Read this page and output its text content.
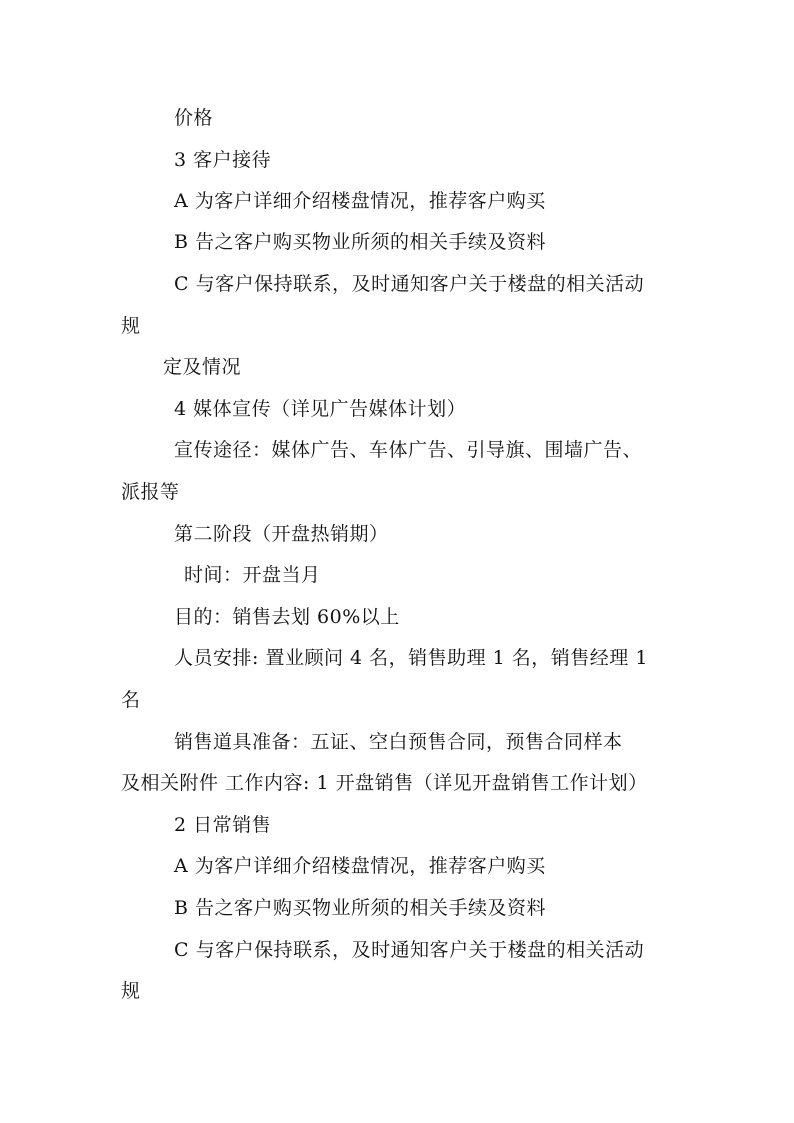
价格

3 客户接待

A 为客户详细介绍楼盘情况，推荐客户购买

B 告之客户购买物业所须的相关手续及资料

C 与客户保持联系，及时通知客户关于楼盘的相关活动

规

定及情况

4 媒体宣传（详见广告媒体计划）

宣传途径：媒体广告、车体广告、引导旗、围墙广告、

派报等

第二阶段（开盘热销期）

时间：开盘当月

目的：销售去划 60%以上

人员安排: 置业顾问 4 名，销售助理 1 名，销售经理 1

名

销售道具准备：五证、空白预售合同，预售合同样本

及相关附件 工作内容: 1 开盘销售（详见开盘销售工作计划）

2 日常销售

A 为客户详细介绍楼盘情况，推荐客户购买

B 告之客户购买物业所须的相关手续及资料

C 与客户保持联系，及时通知客户关于楼盘的相关活动

规
